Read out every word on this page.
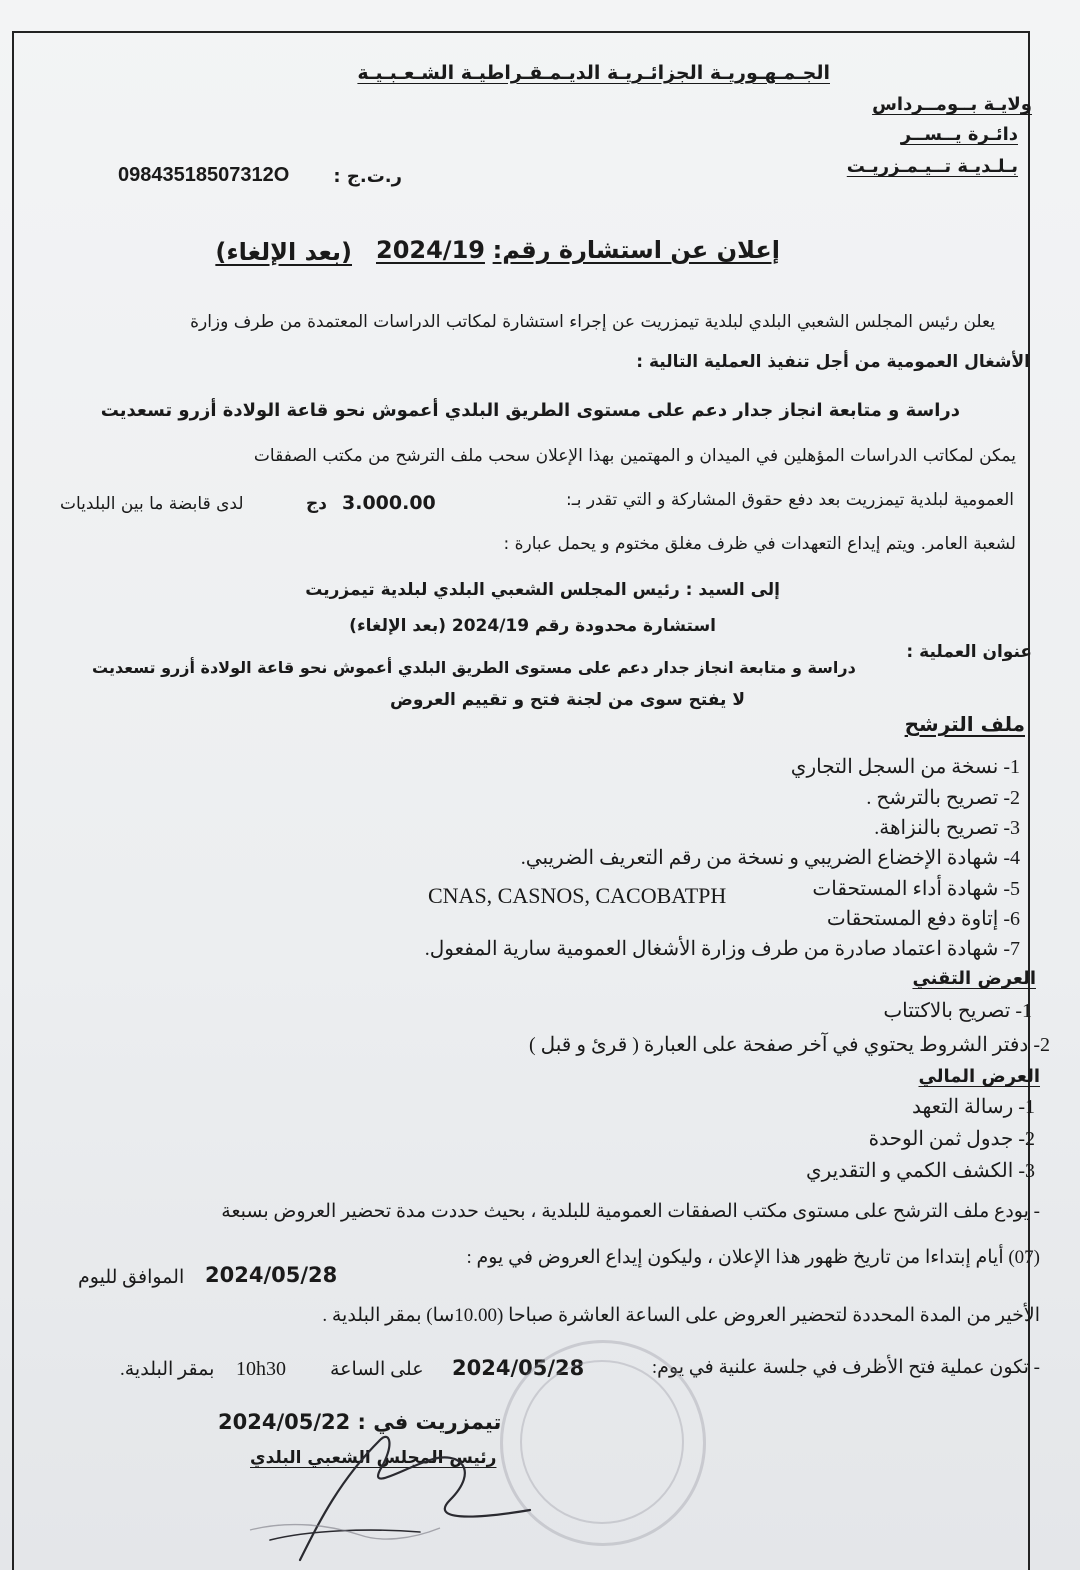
الجـمـهـوريـة الجزائـريـة الديـمـقـراطيـة الشـعـبـيـة
ولايـة بــومــرداس
دائـرة يــســر
بـلـديـة تــيـمـزريـت
ر.ت.ج :
09843518507312О
إعلان عن استشارة رقم:
2024/19
(بعد الإلغاء)
يعلن رئيس المجلس الشعبي البلدي لبلدية تيمزريت عن إجراء استشارة لمكاتب الدراسات المعتمدة من طرف وزارة
الأشغال العمومية من أجل تنفيذ العملية التالية :
دراسة و متابعة انجاز جدار دعم على مستوى الطريق البلدي أعموش نحو قاعة الولادة أزرو تسعديت
يمكن لمكاتب الدراسات المؤهلين في الميدان و المهتمين بهذا الإعلان سحب ملف الترشح من مكتب الصفقات
العمومية لبلدية تيمزريت بعد دفع حقوق المشاركة و التي تقدر بـ:
3.000.00
دج
لدى قابضة ما بين البلديات
لشعبة العامر. ويتم إيداع التعهدات في ظرف مغلق مختوم و يحمل عبارة :
إلى السيد : رئيس المجلس الشعبي البلدي لبلدية تيمزريت
استشارة محدودة رقم 2024/19 (بعد الإلغاء)
عنوان العملية :
دراسة و متابعة انجاز جدار دعم على مستوى الطريق البلدي أعموش نحو قاعة الولادة أزرو تسعديت
لا يفتح سوى من لجنة فتح و تقييم العروض
ملف الترشح
1- نسخة من السجل التجاري
2- تصريح بالترشح .
3- تصريح بالنزاهة.
4- شهادة الإخضاع الضريبي و نسخة من رقم التعريف الضريبي.
5- شهادة أداء المستحقات
CNAS, CASNOS, CACOBATPH
6- إتاوة دفع المستحقات
7- شهادة اعتماد صادرة من طرف وزارة الأشغال العمومية سارية المفعول.
العرض التقني
1- تصريح بالاكتتاب
2- دفتر الشروط يحتوي في آخر صفحة على العبارة ( قرئ و قبل )
العرض المالي
1- رسالة التعهد
2- جدول ثمن الوحدة
3- الكشف الكمي و التقديري
- يودع ملف الترشح على مستوى مكتب الصفقات العمومية للبلدية ، بحيث حددت مدة تحضير العروض بسبعة
(07) أيام إبتداءا من تاريخ ظهور هذا الإعلان ، وليكون إيداع العروض في يوم :
2024/05/28
الموافق لليوم
الأخير من المدة المحددة لتحضير العروض على الساعة العاشرة صباحا (10.00سا) بمقر البلدية .
- تكون عملية فتح الأظرف في جلسة علنية في يوم:
2024/05/28
على الساعة
10h30
بمقر البلدية.
تيمزريت في : 2024/05/22
رئيس المجلس الشعبي البلدي
